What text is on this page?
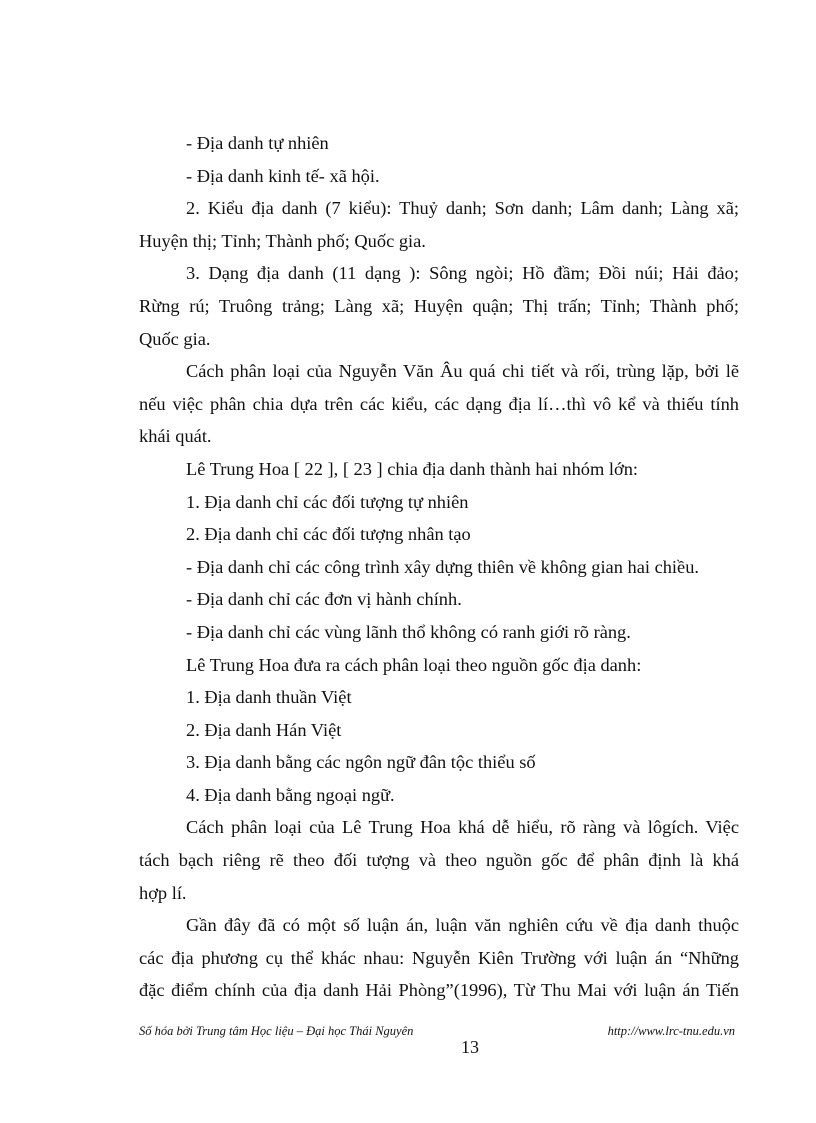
- Địa danh tự nhiên
- Địa danh kinh tế- xã hội.
2. Kiểu địa danh (7 kiểu): Thuỷ danh; Sơn danh; Lâm danh; Làng xã;
Huyện thị; Tỉnh; Thành phố; Quốc gia.
3. Dạng địa danh (11 dạng ): Sông ngòi; Hồ đầm; Đồi núi; Hải đảo;
Rừng rú; Truông trảng; Làng xã; Huyện quận; Thị trấn; Tỉnh; Thành phố;
Quốc gia.
Cách phân loại của Nguyễn Văn Âu quá chi tiết và rối, trùng lặp, bởi lẽ
nếu việc phân chia dựa trên các kiểu, các dạng địa lí…thì vô kể và thiếu tính
khái quát.
Lê Trung Hoa [ 22 ], [ 23 ] chia địa danh thành hai nhóm lớn:
1. Địa danh chỉ các đối tượng tự nhiên
2. Địa danh chỉ các đối tượng nhân tạo
- Địa danh chỉ các công trình xây dựng thiên về không gian hai chiều.
- Địa danh chỉ các đơn vị hành chính.
- Địa danh chỉ các vùng lãnh thổ không có ranh giới rõ ràng.
Lê Trung Hoa đưa ra cách phân loại theo nguồn gốc địa danh:
1. Địa danh thuần Việt
2. Địa danh Hán Việt
3. Địa danh bằng các ngôn ngữ đân tộc thiểu số
4. Địa danh bằng ngoại ngữ.
Cách phân loại của Lê Trung Hoa khá dễ hiểu, rõ ràng và lôgích. Việc
tách bạch riêng rẽ theo đối tượng và theo nguồn gốc để phân định là khá
hợp lí.
Gần đây đã có một số luận án, luận văn nghiên cứu về địa danh thuộc
các địa phương cụ thể khác nhau: Nguyễn Kiên Trường với luận án “Những
đặc điểm chính của địa danh Hải Phòng”(1996), Từ Thu Mai với luận án Tiến
Số hóa bởi Trung tâm Học liệu – Đại học Thái Nguyên
13
http://www.lrc-tnu.edu.vn
